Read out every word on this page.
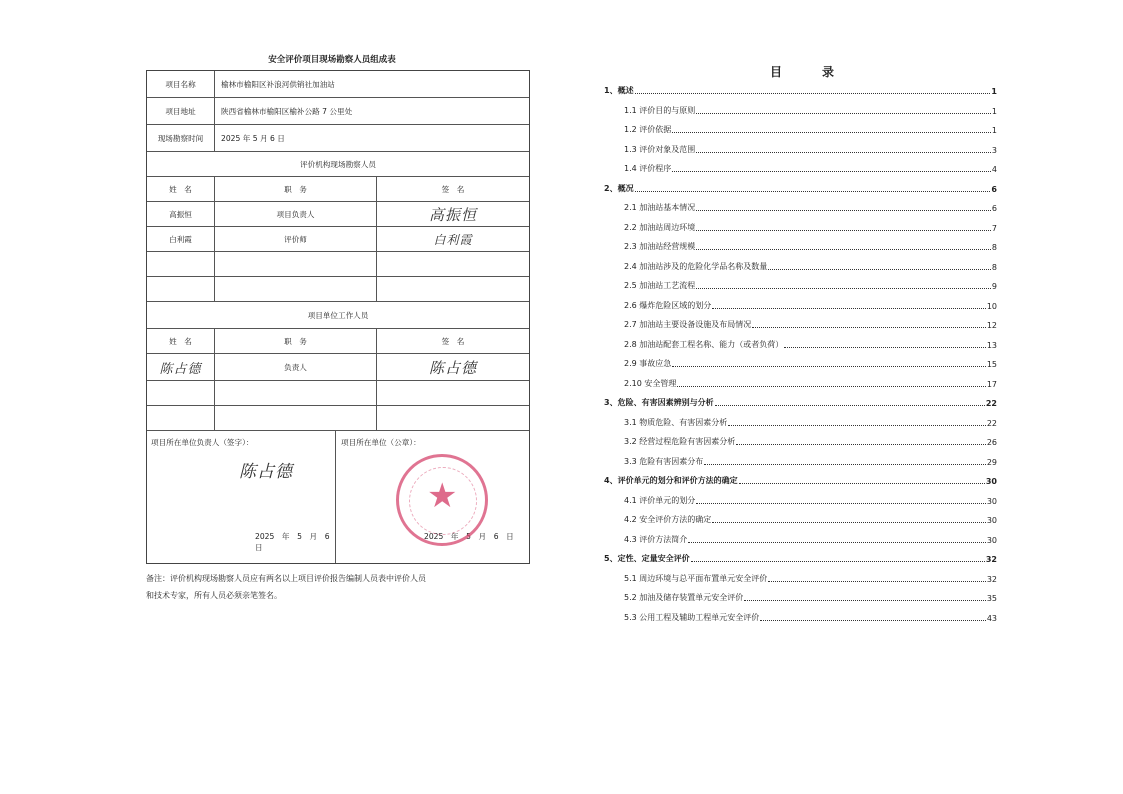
安全评价项目现场勘察人员组成表
项目名称	榆林市榆阳区补浪河供销社加油站
项目地址	陕西省榆林市榆阳区榆补公路 7 公里处
现场勘察时间	2025 年 5 月 6 日
评价机构现场勘察人员
姓　名	职　务	签　名
高振恒	项目负责人	高振恒
白利霞	评价师	白利霞
项目单位工作人员
姓　名	职　务	签　名
陈占德	负责人	陈占德
项目所在单位负责人（签字）：
陈占德
2025　年　5　月　6　日
项目所在单位（公章）：
2025　年　5　月　6　日
★
备注：评价机构现场勘察人员应有两名以上项目评价报告编制人员表中评价人员
和技术专家，所有人员必须亲笔签名。
目　录
1、概述	1
1.1 评价目的与原则	1
1.2 评价依据	1
1.3 评价对象及范围	3
1.4 评价程序	4
2、概况	6
2.1 加油站基本情况	6
2.2 加油站周边环境	7
2.3 加油站经营规模	8
2.4 加油站涉及的危险化学品名称及数量	8
2.5 加油站工艺流程	9
2.6 爆炸危险区域的划分	10
2.7 加油站主要设备设施及布局情况	12
2.8 加油站配套工程名称、能力（或者负荷）	13
2.9 事故应急	15
2.10 安全管理	17
3、危险、有害因素辨别与分析	22
3.1 物质危险、有害因素分析	22
3.2 经营过程危险有害因素分析	26
3.3 危险有害因素分布	29
4、评价单元的划分和评价方法的确定	30
4.1 评价单元的划分	30
4.2 安全评价方法的确定	30
4.3 评价方法简介	30
5、定性、定量安全评价	32
5.1 周边环境与总平面布置单元安全评价	32
5.2 加油及储存装置单元安全评价	35
5.3 公用工程及辅助工程单元安全评价	43
